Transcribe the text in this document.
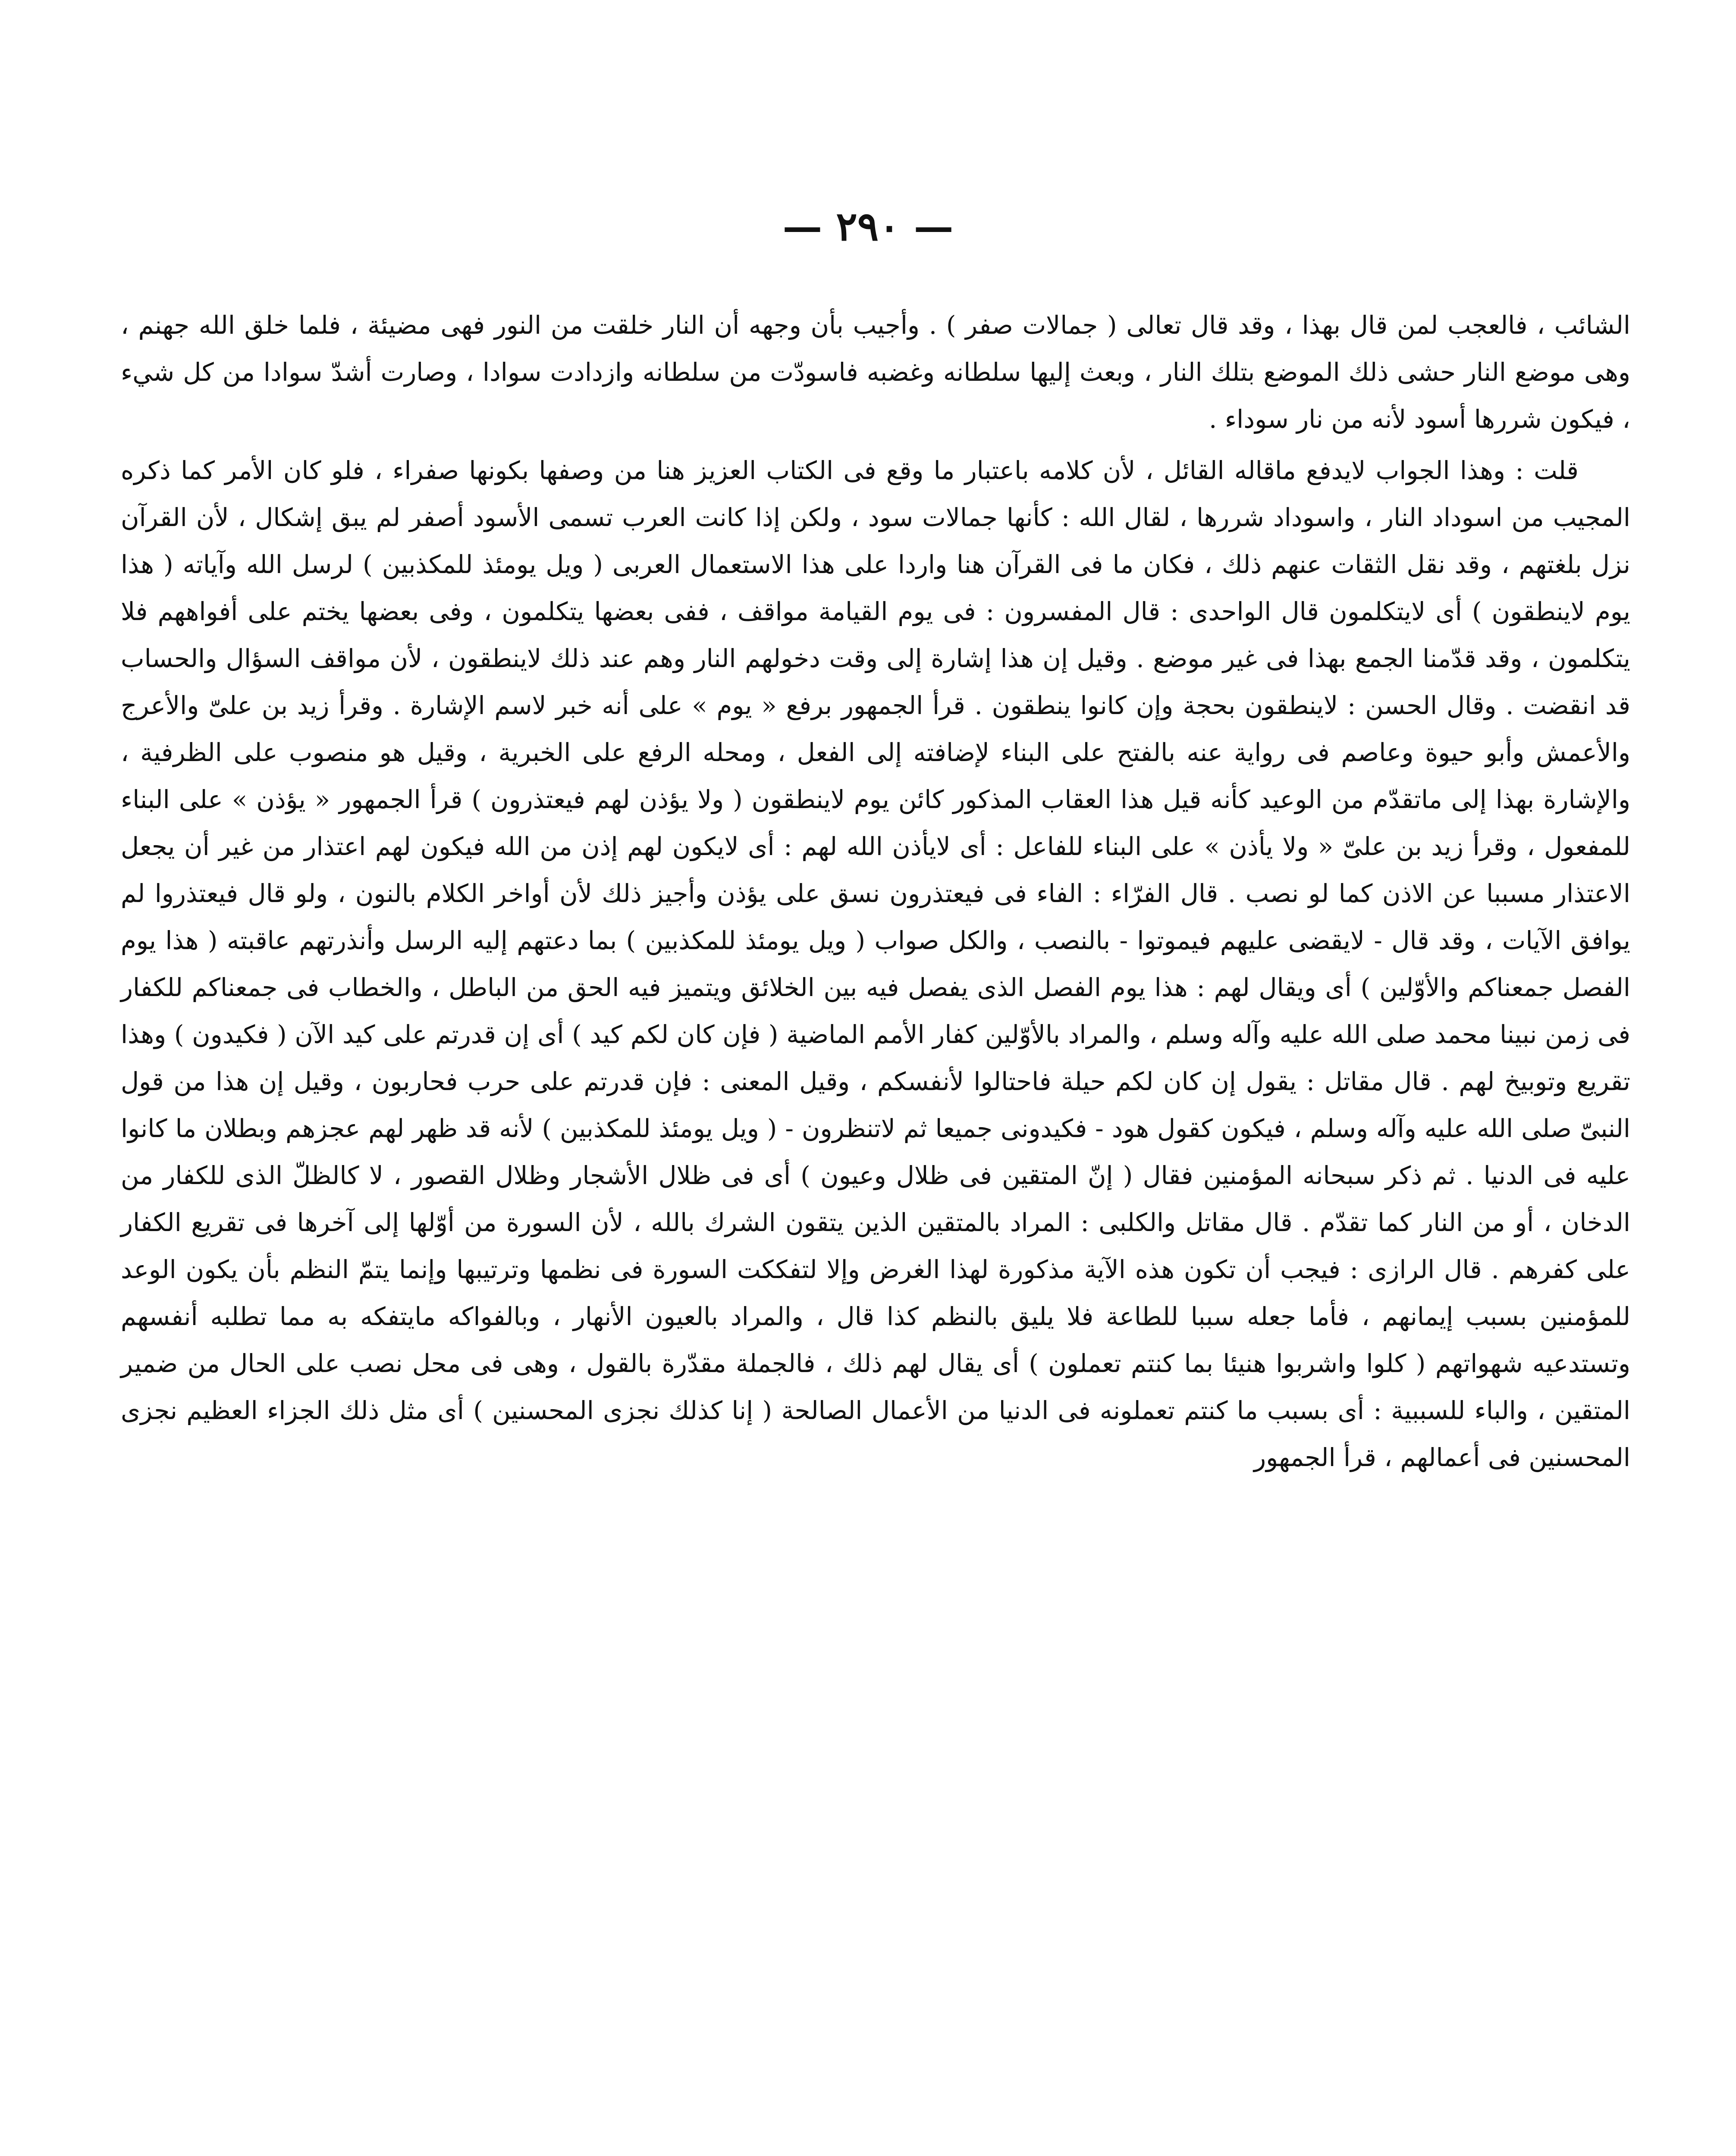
— ٢٩٠ —

الشائب ، فالعجب لمن قال بهذا ، وقد قال تعالى ( جمالات صفر ) . وأجيب بأن وجهه أن النار خلقت من النور فهى مضيئة ، فلما خلق الله جهنم ، وهى موضع النار حشى ذلك الموضع بتلك النار ، وبعث إليها سلطانه وغضبه فاسودّت من سلطانه وازدادت سوادا ، وصارت أشدّ سوادا من كل شيء ، فيكون شررها أسود لأنه من نار سوداء .

قلت : وهذا الجواب لايدفع ماقاله القائل ، لأن كلامه باعتبار ما وقع فى الكتاب العزيز هنا من وصفها بكونها صفراء ، فلو كان الأمر كما ذكره المجيب من اسوداد النار ، واسوداد شررها ، لقال الله : كأنها جمالات سود ، ولكن إذا كانت العرب تسمى الأسود أصفر لم يبق إشكال ، لأن القرآن نزل بلغتهم ، وقد نقل الثقات عنهم ذلك ، فكان ما فى القرآن هنا واردا على هذا الاستعمال العربى ( ويل يومئذ للمكذبين ) لرسل الله وآياته ( هذا يوم لاينطقون ) أى لايتكلمون قال الواحدى : قال المفسرون : فى يوم القيامة مواقف ، ففى بعضها يتكلمون ، وفى بعضها يختم على أفواههم فلا يتكلمون ، وقد قدّمنا الجمع بهذا فى غير موضع . وقيل إن هذا إشارة إلى وقت دخولهم النار وهم عند ذلك لاينطقون ، لأن مواقف السؤال والحساب قد انقضت . وقال الحسن : لاينطقون بحجة وإن كانوا ينطقون . قرأ الجمهور برفع « يوم » على أنه خبر لاسم الإشارة . وقرأ زيد بن علىّ والأعرج والأعمش وأبو حيوة وعاصم فى رواية عنه بالفتح على البناء لإضافته إلى الفعل ، ومحله الرفع على الخبرية ، وقيل هو منصوب على الظرفية ، والإشارة بهذا إلى ماتقدّم من الوعيد كأنه قيل هذا العقاب المذكور كائن يوم لاينطقون ( ولا يؤذن لهم فيعتذرون ) قرأ الجمهور « يؤذن » على البناء للمفعول ، وقرأ زيد بن علىّ « ولا يأذن » على البناء للفاعل : أى لايأذن الله لهم : أى لايكون لهم إذن من الله فيكون لهم اعتذار من غير أن يجعل الاعتذار مسببا عن الاذن كما لو نصب . قال الفرّاء : الفاء فى فيعتذرون نسق على يؤذن وأجيز ذلك لأن أواخر الكلام بالنون ، ولو قال فيعتذروا لم يوافق الآيات ، وقد قال - لايقضى عليهم فيموتوا - بالنصب ، والكل صواب ( ويل يومئذ للمكذبين ) بما دعتهم إليه الرسل وأنذرتهم عاقبته ( هذا يوم الفصل جمعناكم والأوّلين ) أى ويقال لهم : هذا يوم الفصل الذى يفصل فيه بين الخلائق ويتميز فيه الحق من الباطل ، والخطاب فى جمعناكم للكفار فى زمن نبينا محمد صلى الله عليه وآله وسلم ، والمراد بالأوّلين كفار الأمم الماضية ( فإن كان لكم كيد ) أى إن قدرتم على كيد الآن ( فكيدون ) وهذا تقريع وتوبيخ لهم . قال مقاتل : يقول إن كان لكم حيلة فاحتالوا لأنفسكم ، وقيل المعنى : فإن قدرتم على حرب فحاربون ، وقيل إن هذا من قول النبىّ صلى الله عليه وآله وسلم ، فيكون كقول هود - فكيدونى جميعا ثم لاتنظرون - ( ويل يومئذ للمكذبين ) لأنه قد ظهر لهم عجزهم وبطلان ما كانوا عليه فى الدنيا . ثم ذكر سبحانه المؤمنين فقال ( إنّ المتقين فى ظلال وعيون ) أى فى ظلال الأشجار وظلال القصور ، لا كالظلّ الذى للكفار من الدخان ، أو من النار كما تقدّم . قال مقاتل والكلبى : المراد بالمتقين الذين يتقون الشرك بالله ، لأن السورة من أوّلها إلى آخرها فى تقريع الكفار على كفرهم . قال الرازى : فيجب أن تكون هذه الآية مذكورة لهذا الغرض وإلا لتفككت السورة فى نظمها وترتيبها وإنما يتمّ النظم بأن يكون الوعد للمؤمنين بسبب إيمانهم ، فأما جعله سببا للطاعة فلا يليق بالنظم كذا قال ، والمراد بالعيون الأنهار ، وبالفواكه مايتفكه به مما تطلبه أنفسهم وتستدعيه شهواتهم ( كلوا واشربوا هنيئا بما كنتم تعملون ) أى يقال لهم ذلك ، فالجملة مقدّرة بالقول ، وهى فى محل نصب على الحال من ضمير المتقين ، والباء للسببية : أى بسبب ما كنتم تعملونه فى الدنيا من الأعمال الصالحة ( إنا كذلك نجزى المحسنين ) أى مثل ذلك الجزاء العظيم نجزى المحسنين فى أعمالهم ، قرأ الجمهور
